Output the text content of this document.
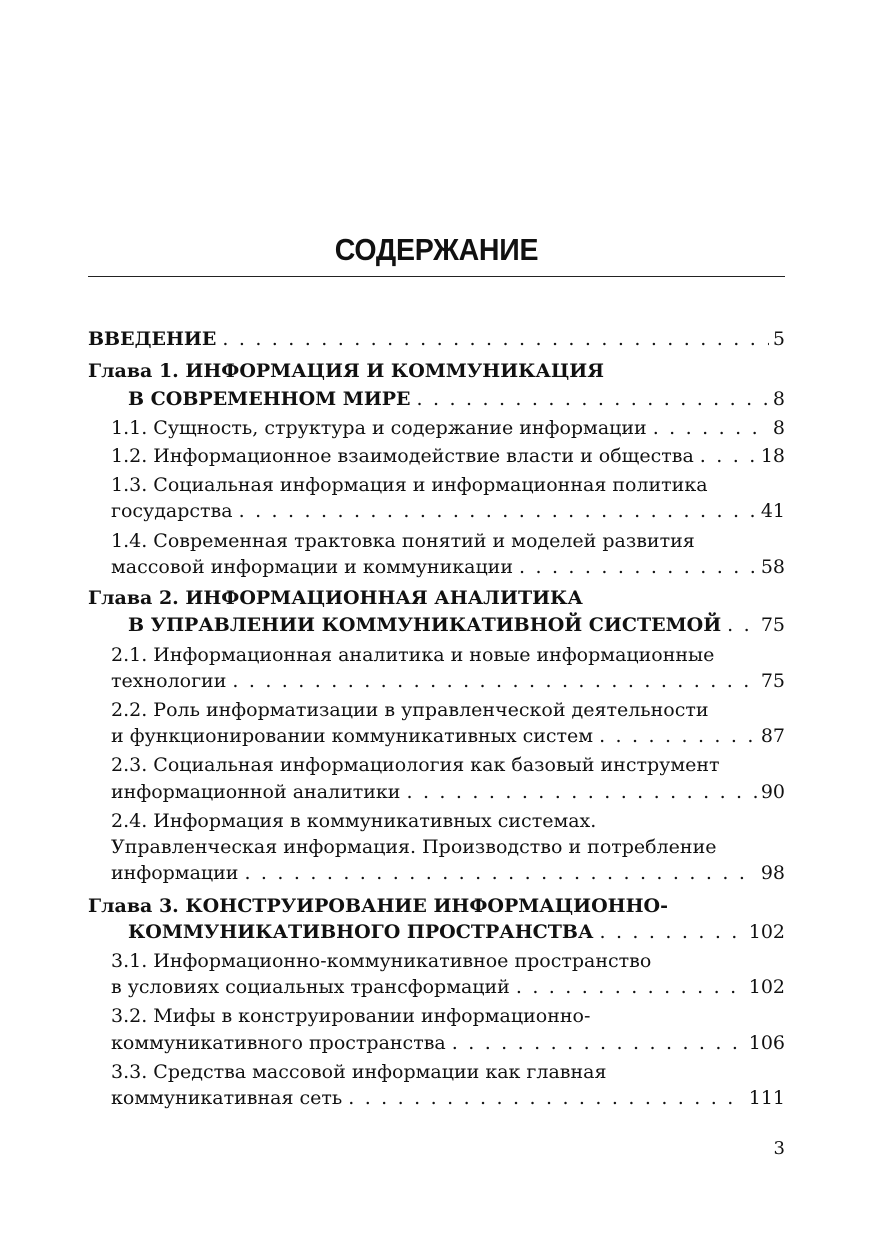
СОДЕРЖАНИЕ
ВВЕДЕНИЕ . . .	5
Глава 1. ИНФОРМАЦИЯ И КОММУНИКАЦИЯ
В СОВРЕМЕННОМ МИРЕ . . .	8
1.1. Сущность, структура и содержание информации . . .	8
1.2. Информационное взаимодействие власти и общества . . .	18
1.3. Социальная информация и информационная политика
государства . . .	41
1.4. Современная трактовка понятий и моделей развития
массовой информации и коммуникации . . .	58
Глава 2. ИНФОРМАЦИОННАЯ АНАЛИТИКА
В УПРАВЛЕНИИ КОММУНИКАТИВНОЙ СИСТЕМОЙ . . . 75
2.1. Информационная аналитика и новые информационные
технологии . . .	75
2.2. Роль информатизации в управленческой деятельности
и функционировании коммуникативных систем . . .	87
2.3. Социальная информациология как базовый инструмент
информационной аналитики . . .	90
2.4. Информация в коммуникативных системах.
Управленческая информация. Производство и потребление
информации . . .	98
Глава 3. КОНСТРУИРОВАНИЕ ИНФОРМАЦИОННО-
КОММУНИКАТИВНОГО ПРОСТРАНСТВА . . .	102
3.1. Информационно-коммуникативное пространство
в условиях социальных трансформаций . . .	102
3.2. Мифы в конструировании информационно-
коммуникативного пространства . . .	106
3.3. Средства массовой информации как главная
коммуникативная сеть . . .	111
3
